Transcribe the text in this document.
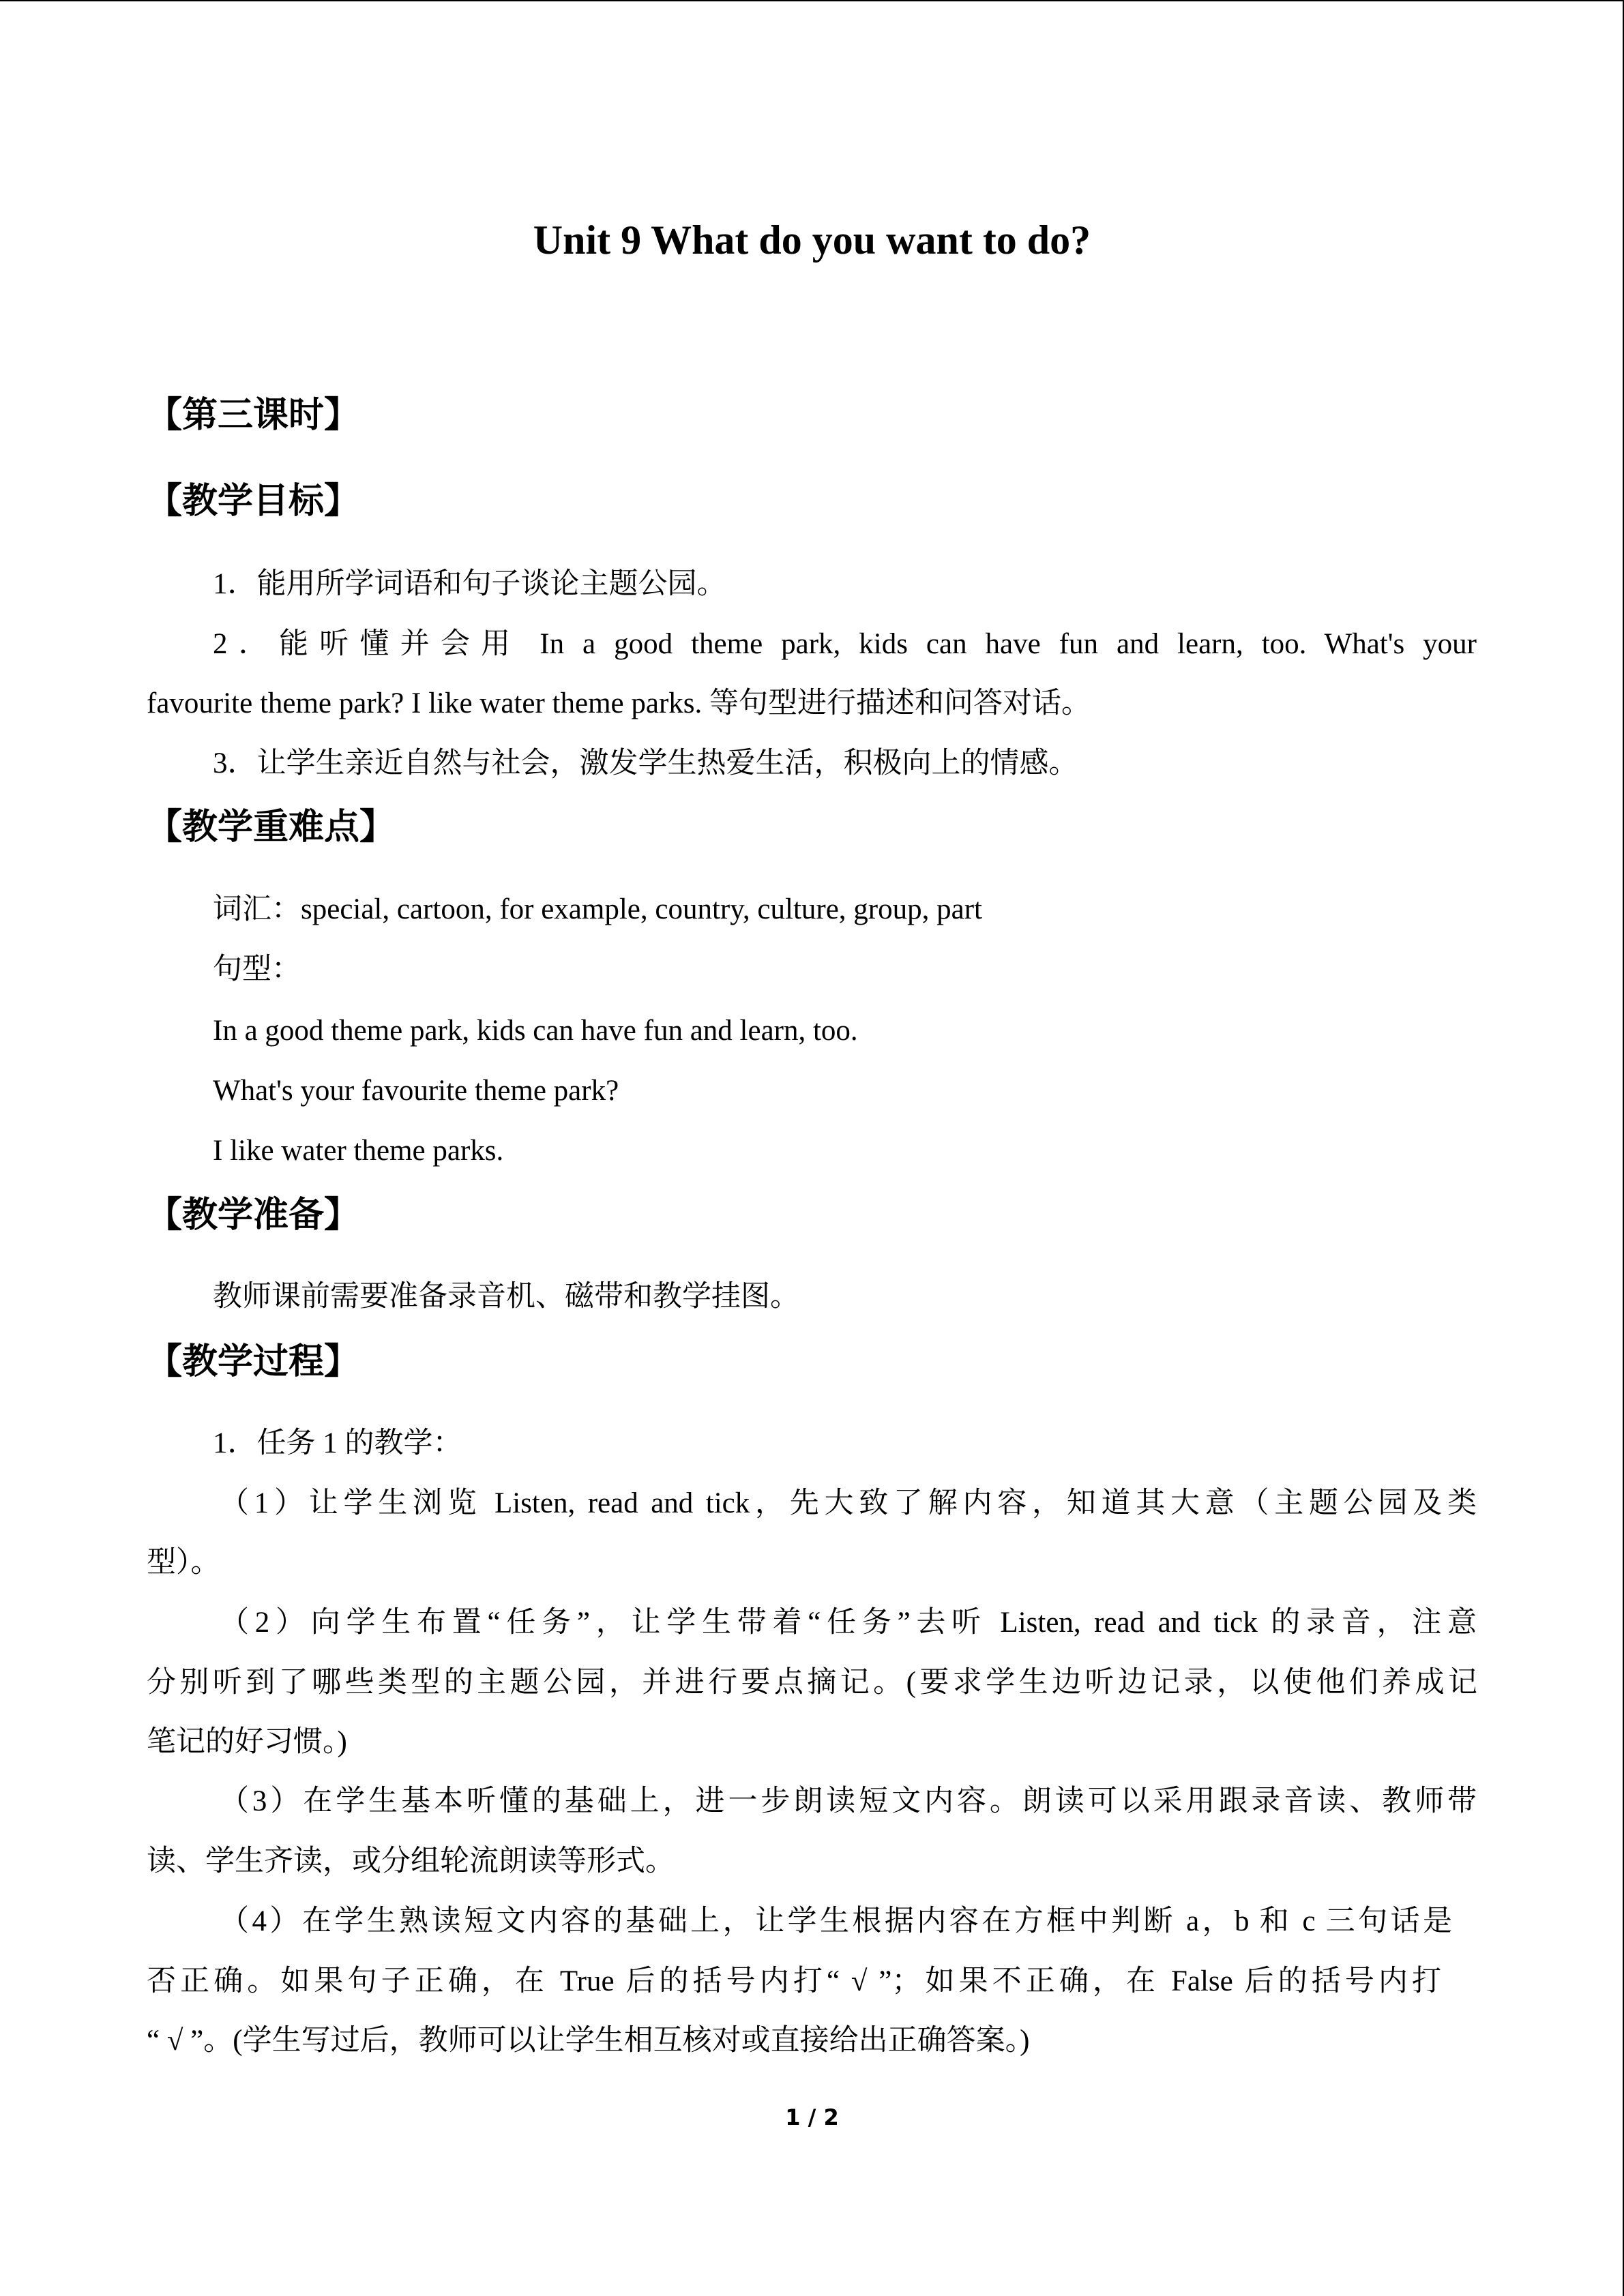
Unit 9 What do you want to do?
【第三课时】
【教学目标】
1．能用所学词语和句子谈论主题公园。
2．能听懂并会用 In a good theme park, kids can have fun and learn, too. What's your
favourite theme park? I like water theme parks. 等句型进行描述和问答对话。
3．让学生亲近自然与社会，激发学生热爱生活，积极向上的情感。
【教学重难点】
词汇：special, cartoon, for example, country, culture, group, part
句型：
In a good theme park, kids can have fun and learn, too.
What's your favourite theme park?
I like water theme parks.
【教学准备】
教师课前需要准备录音机、磁带和教学挂图。
【教学过程】
1．任务 1 的教学：
（1）让学生浏览 Listen, read and tick，先大致了解内容，知道其大意（主题公园及类
型）。
（2）向学生布置“任务”，让学生带着“任务”去听 Listen, read and tick 的录音，注意
分别听到了哪些类型的主题公园，并进行要点摘记。(要求学生边听边记录，以使他们养成记
笔记的好习惯。)
（3）在学生基本听懂的基础上，进一步朗读短文内容。朗读可以采用跟录音读、教师带
读、学生齐读，或分组轮流朗读等形式。
（4）在学生熟读短文内容的基础上，让学生根据内容在方框中判断 a，b 和 c 三句话是
否正确。如果句子正确，在 True 后的括号内打“ √ ”；如果不正确，在 False 后的括号内打
“ √ ”。(学生写过后，教师可以让学生相互核对或直接给出正确答案。)
1 / 2
